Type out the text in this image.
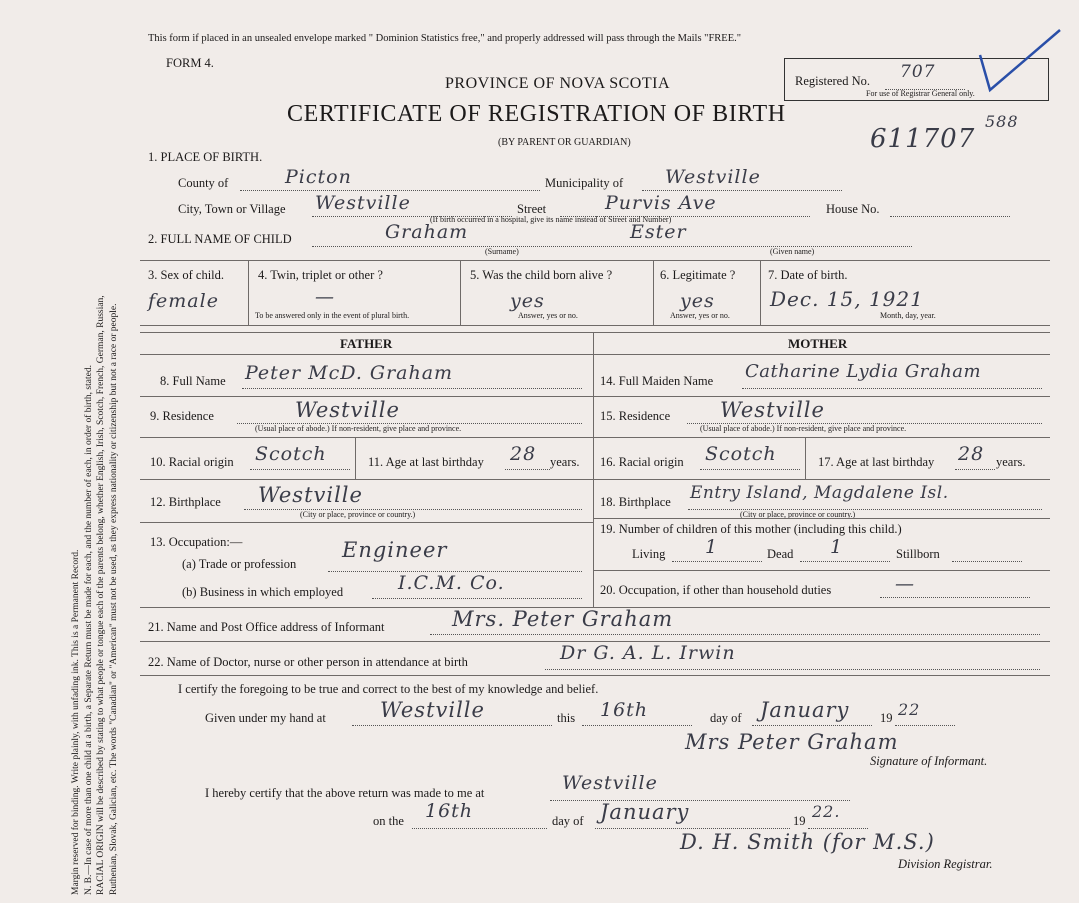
Margin reserved for binding. Write plainly, with unfading ink. This is a Permanent Record. N. B.—In case of more than one child at a birth, a Separate Return must be made for each, and the number of each, in order of birth, stated. RACIAL ORIGIN will be described by stating to what people or tongue each of the parents belong, whether English, Irish, Scotch, French, German, Russian, Ruthenian, Slovak, Galician, etc. The words "Canadian" or "American" must not be used, as they express nationality or citizenship but not a race or people.
This form if placed in an unsealed envelope marked " Dominion Statistics free," and properly addressed will pass through the Mails "FREE."
FORM 4.
PROVINCE OF NOVA SCOTIA
CERTIFICATE OF REGISTRATION OF BIRTH
(BY PARENT OR GUARDIAN)
Registered No. 707
For use of Registrar General only.
611707
588
1. PLACE OF BIRTH.
County of	Picton	Municipality of Westville
City, Town or Village Westville	Street	Purvis Ave	House No.
(If birth occurred in a hospital, give its name instead of Street and Number)
2. FULL NAME OF CHILD	Graham	Ester
(Surname)	(Given name)
3. Sex of child.
female
4. Twin, triplet or other ?
—
To be answered only in the event of plural birth.
5. Was the child born alive ?
yes
Answer, yes or no.
6. Legitimate ?
yes
Answer, yes or no.
7. Date of birth.
Dec. 15, 1921
Month, day, year.
FATHER	MOTHER
8. Full Name Peter McD. Graham
9. Residence	Westville
(Usual place of abode.) If non-resident, give place and province.
10. Racial origin Scotch	11. Age at last birthday 28 years.
12. Birthplace Westville
(City or place, province or country.)
13. Occupation:—
(a) Trade or profession
Engineer
(b) Business in which employed	I.C.M. Co.
14. Full Maiden Name Catharine Lydia Graham
15. Residence Westville
(Usual place of abode.) If non-resident, give place and province.
16. Racial origin Scotch	17. Age at last birthday 28 years.
18. Birthplace Entry Island, Magdalene Isl.
(City or place, province or country.)
19. Number of children of this mother (including this child.)
Living 1	Dead 1	Stillborn
20. Occupation, if other than household duties	—
21. Name and Post Office address of Informant	Mrs. Peter Graham
22. Name of Doctor, nurse or other person in attendance at birth	Dr G. A. L. Irwin
I certify the foregoing to be true and correct to the best of my knowledge and belief.
Given under my hand at	Westville	this 16th	day of January 19 22
Mrs Peter Graham
Signature of Informant.
I hereby certify that the above return was made to me at	Westville
on the 16th	day of January	19 22.
D. H. Smith (for M.S.)
Division Registrar.
